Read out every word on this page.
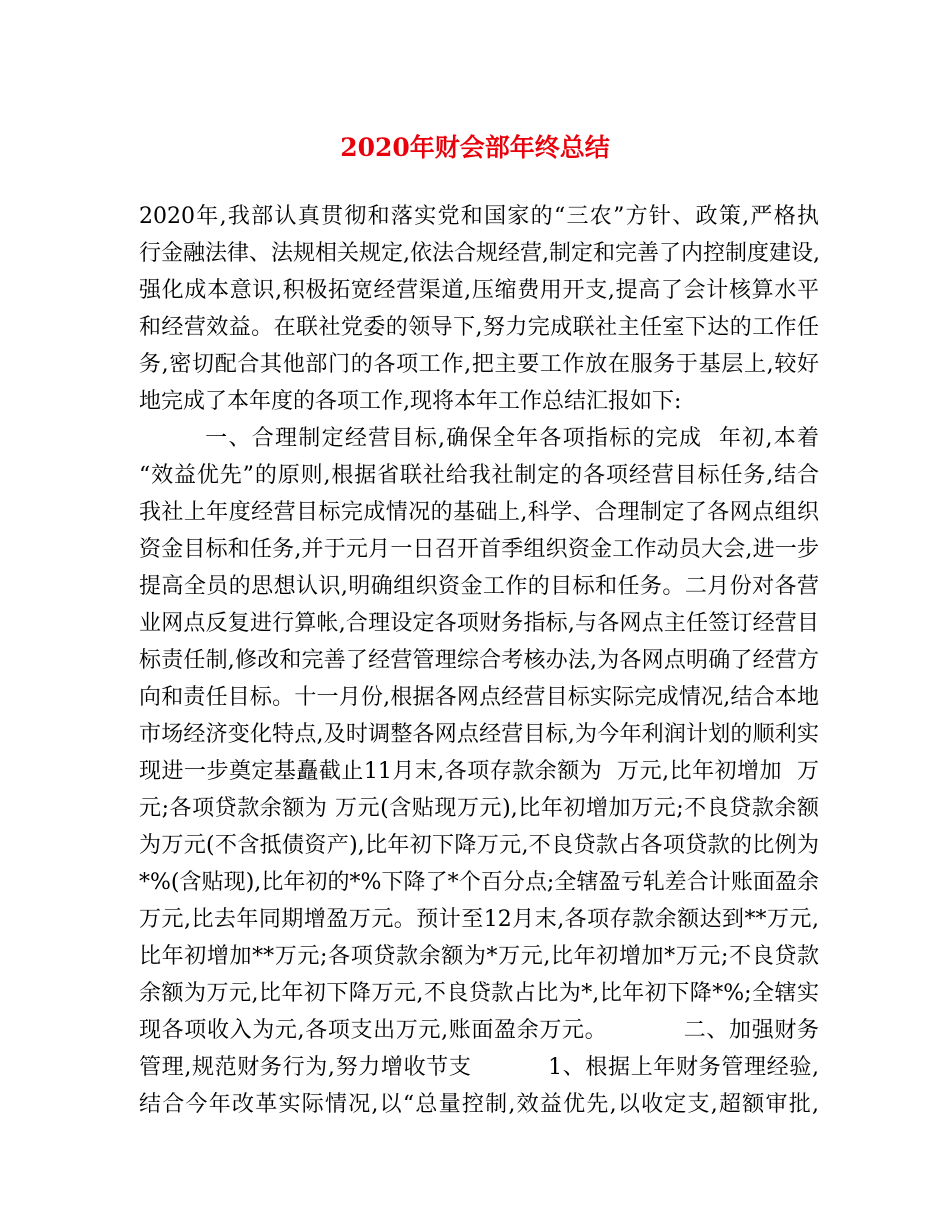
2020年财会部年终总结

2020年,我部认真贯彻和落实党和国家的“三农”方针、政策,严格执

行金融法律、法规相关规定,依法合规经营,制定和完善了内控制度建设,

强化成本意识,积极拓宽经营渠道,压缩费用开支,提高了会计核算水平

和经营效益。在联社党委的领导下,努力完成联社主任室下达的工作任

务,密切配合其他部门的各项工作,把主要工作放在服务于基层上,较好

地完成了本年度的各项工作,现将本年工作总结汇报如下:

一、合理制定经营目标,确保全年各项指标的完成  年初,本着

“效益优先”的原则,根据省联社给我社制定的各项经营目标任务,结合

我社上年度经营目标完成情况的基础上,科学、合理制定了各网点组织

资金目标和任务,并于元月一日召开首季组织资金工作动员大会,进一步

提高全员的思想认识,明确组织资金工作的目标和任务。二月份对各营

业网点反复进行算帐,合理设定各项财务指标,与各网点主任签订经营目

标责任制,修改和完善了经营管理综合考核办法,为各网点明确了经营方

向和责任目标。十一月份,根据各网点经营目标实际完成情况,结合本地

市场经济变化特点,及时调整各网点经营目标,为今年利润计划的顺利实

现进一步奠定基矗截止11月末,各项存款余额为  万元,比年初增加  万

元;各项贷款余额为 万元(含贴现万元),比年初增加万元;不良贷款余额

为万元(不含抵债资产),比年初下降万元,不良贷款占各项贷款的比例为

*%(含贴现),比年初的*%下降了*个百分点;全辖盈亏轧差合计账面盈余

万元,比去年同期增盈万元。预计至12月末,各项存款余额达到**万元,

比年初增加**万元;各项贷款余额为*万元,比年初增加*万元;不良贷款

余额为万元,比年初下降万元,不良贷款占比为*,比年初下降*%;全辖实

现各项收入为元,各项支出万元,账面盈余万元。          二、加强财务

管理,规范财务行为,努力增收节支          1、根据上年财务管理经验,

结合今年改革实际情况,以“总量控制,效益优先,以收定支,超额审批,
